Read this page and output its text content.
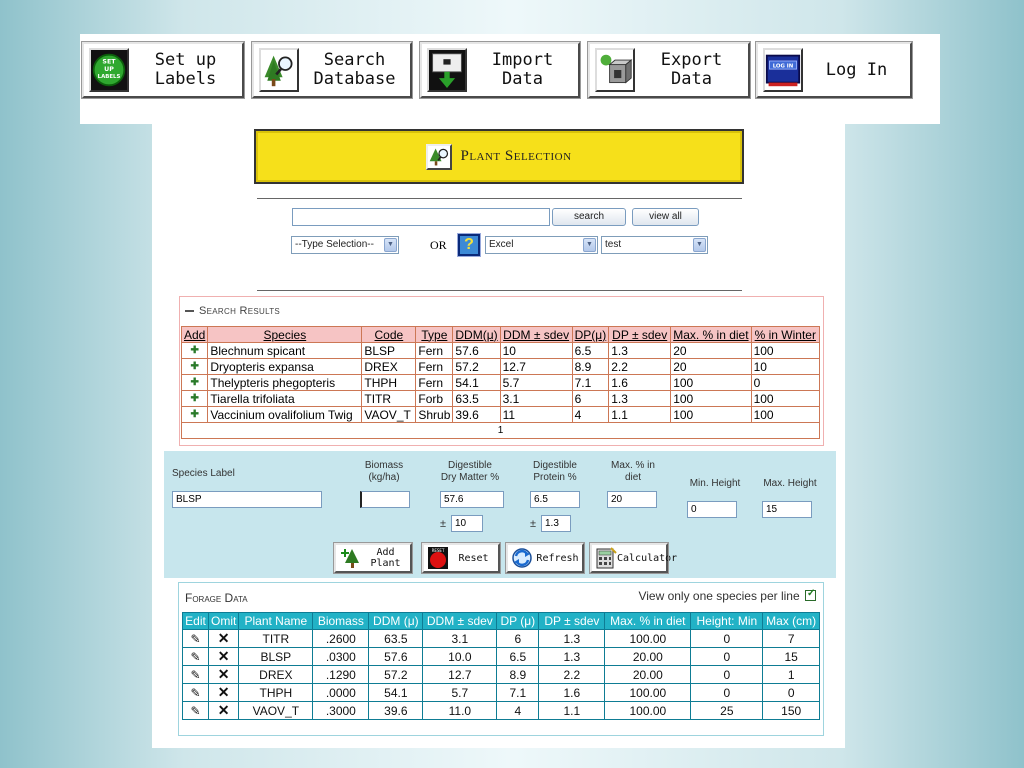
SET
UP
LABELS
Set up
Labels
Search
Database
Import
Data
Export
Data
LOG IN	Log In
Plant Selection
search	view all
--Type Selection--	▼	OR	?	Excel	▼	test	▼
Search Results
Add	Species	Code	Type	DDM(μ)	DDM ± sdev	DP(μ)	DP ± sdev	Max. % in diet	% in Winter
✚	Blechnum spicant	BLSP	Fern	57.6	10	6.5	1.3	20	100
✚	Dryopteris expansa	DREX	Fern	57.2	12.7	8.9	2.2	20	10
✚	Thelypteris phegopteris	THPH	Fern	54.1	5.7	7.1	1.6	100	0
✚	Tiarella trifoliata	TITR	Forb	63.5	3.1	6	1.3	100	100
✚	Vaccinium ovalifolium Twig	VAOV_T	Shrub	39.6	11	4	1.1	100	100
1									
Species Label
BLSP
Biomass
(kg/ha)
Digestible
Dry Matter %
57.6
± 10
Digestible
Protein %
6.5
± 1.3
Max. % in
diet
20
Min. Height
0
Max. Height
15
Add Plant
RESET
Reset	Refresh	Calculator
Forage Data	View only one species per line ✓
Edit	Omit	Plant Name	Biomass	DDM (μ)	DDM ± sdev	DP (μ)	DP ± sdev	Max. % in diet	Height: Min	Max (cm)
✎	✕	TITR	.2600	63.5	3.1	6	1.3	100.00	0	7
✎	✕	BLSP	.0300	57.6	10.0	6.5	1.3	20.00	0	15
✎	✕	DREX	.1290	57.2	12.7	8.9	2.2	20.00	0	1
✎	✕	THPH	.0000	54.1	5.7	7.1	1.6	100.00	0	0
✎	✕	VAOV_T	.3000	39.6	11.0	4	1.1	100.00	25	150
